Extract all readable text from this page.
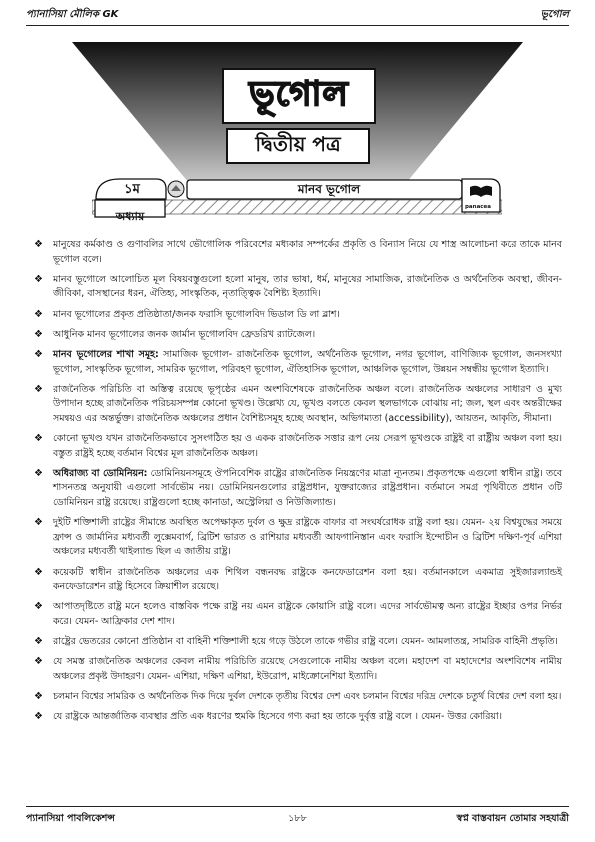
প্যানাসিয়া মৌলিক GK	ভূগোল
ভূগোল
দ্বিতীয় পত্র
১ম
অধ্যায়
মানব ভূগোল
panacea
❖ মানুষের কর্মকাণ্ড ও গুণাবলির সাথে ভৌগোলিক পরিবেশের মধ্যকার সম্পর্কের প্রকৃতি ও বিন্যাস নিয়ে যে শাস্ত্র আলোচনা করে তাকে মানব ভূগোল বলে।
❖ মানব ভূগোলে আলোচিত মূল বিষয়বস্তুগুলো হলো মানুষ, তার ভাষা, ধর্ম, মানুষের সামাজিক, রাজনৈতিক ও অর্থনৈতিক অবস্থা, জীবন-জীবিকা, বাসস্থানের ধরন, ঐতিহ্য, সাংস্কৃতিক, নৃতাত্ত্বিক বৈশিষ্ট্য ইত্যাদি।
❖ মানব ভূগোলের প্রকৃত প্রতিষ্ঠাতা/জনক ফরাসি ভূগোলবিদ ভিডাল ডি লা ব্লাশ।
❖ আধুনিক মানব ভূগোলের জনক জার্মান ভূগোলবিদ ফ্রেডরিখ র‍্যাটজেল।
❖ মানব ভূগোলের শাখা সমূহ: সামাজিক ভূগোল- রাজনৈতিক ভূগোল, অর্থনৈতিক ভূগোল, নগর ভূগোল, বাণিজ্যিক ভূগোল, জনসংখ্যা ভূগোল, সাংস্কৃতিক ভূগোল, সামরিক ভূগোল, পরিবহণ ভূগোল, ঐতিহাসিক ভূগোল, আঞ্চলিক ভূগোল, উন্নয়ন সম্বন্ধীয় ভূগোল ইত্যাদি।
❖ রাজনৈতিক পরিচিতি বা অস্তিত্ব রয়েছে ভূপৃষ্ঠের এমন অংশবিশেষকে রাজনৈতিক অঞ্চল বলে। রাজনৈতিক অঞ্চলের সাধারণ ও মুখ্য উপাদান হচ্ছে রাজনৈতিক পরিচয়সম্পন্ন কোনো ভূখণ্ড। উল্লেখ্য যে, ভূখণ্ড বলতে কেবল স্থলভাগকে বোঝায় না; জল, স্থল এবং অন্তরীক্ষের সমন্বয়ও এর অন্তর্ভুক্ত। রাজনৈতিক অঞ্চলের প্রধান বৈশিষ্ট্যসমূহ হচ্ছে অবস্থান, অভিগম্যতা (accessibility), আয়তন, আকৃতি, সীমানা।
❖ কোনো ভূখণ্ড যখন রাজনৈতিকভাবে সুসংগঠিত হয় ও একক রাজনৈতিক সত্তার রূপ নেয় সেরূপ ভূখণ্ডকে রাষ্ট্রই বা রাষ্ট্রীয় অঞ্চল বলা হয়। বস্তুত রাষ্ট্রই হচ্ছে বর্তমান বিশ্বের মূল রাজনৈতিক অঞ্চল।
❖ অধিরাজ্য বা ডোমিনিয়ন: ডোমিনিয়নসমূহে ঔপনিবেশিক রাষ্ট্রের রাজনৈতিক নিয়ন্ত্রণের মাত্রা ন্যূনতম। প্রকৃতপক্ষে এগুলো স্বাধীন রাষ্ট্র। তবে শাসনতন্ত্র অনুযায়ী এগুলো সার্বভৌম নয়। ডোমিনিয়নগুলোর রাষ্ট্রপ্রধান, যুক্তরাজ্যের রাষ্ট্রপ্রধান। বর্তমানে সমগ্র পৃথিবীতে প্রধান ৩টি ডোমিনিয়ন রাষ্ট্র রয়েছে। রাষ্ট্রগুলো হচ্ছে কানাডা, অস্ট্রেলিয়া ও নিউজিল্যান্ড।
❖ দুইটি শক্তিশালী রাষ্ট্রের সীমান্তে অবস্থিত অপেক্ষাকৃত দুর্বল ও ক্ষুদ্র রাষ্ট্রকে বাফার বা সংঘর্ষরোধক রাষ্ট্র বলা হয়। যেমন- ২য় বিশ্বযুদ্ধের সময়ে ফ্রান্স ও জার্মানির মধ্যবর্তী লুক্সেমবার্গ, ব্রিটিশ ভারত ও রাশিয়ার মধ্যবর্তী আফগানিস্তান এবং ফরাসি ইন্দোচীন ও ব্রিটিশ দক্ষিণ-পূর্ব এশিয়া অঞ্চলের মধ্যবর্তী থাইল্যান্ড ছিল এ জাতীয় রাষ্ট্র।
❖ কয়েকটি স্বাধীন রাজনৈতিক অঞ্চলের এক শিথিল বন্ধনবদ্ধ রাষ্ট্রকে কনফেডারেশন বলা হয়। বর্তমানকালে একমাত্র সুইজারল্যান্ডই কনফেডারেশন রাষ্ট্র হিসেবে ক্রিয়াশীল রয়েছে।
❖ আপাতদৃষ্টিতে রাষ্ট্র মনে হলেও বাস্তবিক পক্ষে রাষ্ট্র নয় এমন রাষ্ট্রকে কোয়াসি রাষ্ট্র বলে। এদের সার্বভৌমত্ব অন্য রাষ্ট্রের ইচ্ছার ওপর নির্ভর করে। যেমন- আফ্রিকার দেশ শাদ।
❖ রাষ্ট্রের ভেতরের কোনো প্রতিষ্ঠান বা বাহিনী শক্তিশালী হয়ে গড়ে উঠলে তাকে গভীর রাষ্ট্র বলে। যেমন- আমলাতন্ত্র, সামরিক বাহিনী প্রভৃতি।
❖ যে সমস্ত রাজনৈতিক অঞ্চলের কেবল নামীয় পরিচিতি রয়েছে সেগুলোকে নামীয় অঞ্চল বলে। মহাদেশ বা মহাদেশের অংশবিশেষ নামীয় অঞ্চলের প্রকৃষ্ট উদাহরণ। যেমন- এশিয়া, দক্ষিণ এশিয়া, ইউরোপ, মাইক্রোনেশিয়া ইত্যাদি।
❖ চলমান বিশ্বের সামরিক ও অর্থনৈতিক দিক দিয়ে দুর্বল দেশকে তৃতীয় বিশ্বের দেশ এবং চলমান বিশ্বের দরিদ্র দেশকে চতুর্থ বিশ্বের দেশ বলা হয়।
❖ যে রাষ্ট্রকে আন্তর্জাতিক ব্যবস্থার প্রতি এক ধরণের হুমকি হিসেবে গণ্য করা হয় তাকে দুর্বৃত্ত রাষ্ট্র বলে । যেমন- উত্তর কোরিয়া।
প্যানাসিয়া পাবলিকেশন্স	১৮৮	স্বপ্ন বাস্তবায়ন তোমার সহযাত্রী
